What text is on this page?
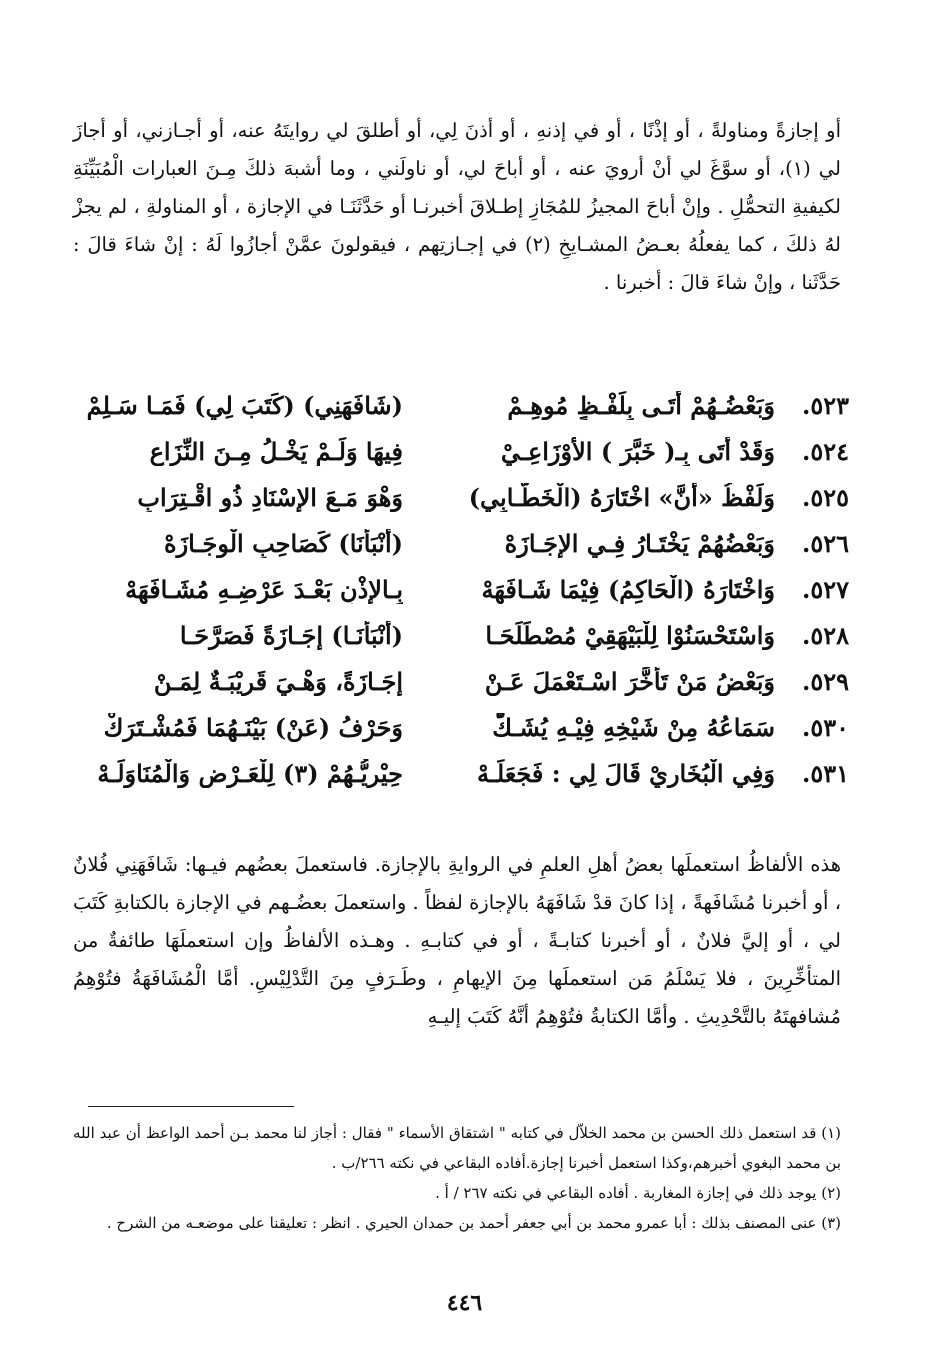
أو إجازةً ومناولةً ، أو إذْنًا ، أو في إذنهِ ، أو أذنَ لِي، أو أطلقَ لي روايتَهُ عنه، أو أجـازني، أو أجازَ لي (١)، أو سوَّغَ لي أنْ أرويَ عنه ، أو أباحَ لي، أو ناولَني ، وما أشبهَ ذلكَ مِـنَ العبارات الْمُبَيِّنَةِ لكيفيةِ التحمُّلِ . وإنْ أباحَ المجيزُ للمُجَازِ إطـلاقَ أخبرنـا أو حَدَّثَنَـا في الإجازة ، أو المناولةِ ، لم يجزْ لهُ ذلكَ ، كما يفعلُهُ بعـضُ المشـايخِ (٢) في إجـازتِهم ، فيقولونَ عمَّنْ أجازُوا لَهُ : إنْ شاءَ قالَ : حَدَّثَنا ، وإنْ شاءَ قالَ : أخبرنا .

٥٢٣.
وَبَعْضُـهُمْ أَتَـى بِلَفْـظٍ مُوهِـمْ
(شَافَهَنِي) (كَتَبَ لِي) فَمَـا سَـلِمْ
٥٢٤.
وَقَدْ أَتَى بِـ( خَبَّرَ ) الأَوْزَاعِـيْ
فِيهَا وَلَـمْ يَخْـلُ مِـنَ النِّزَاعِ
٥٢٥.
وَلَفْظُ «أَنَّ» اخْتَارَهُ (الْخَطَّـابِي)
وَهْوَ مَـعَ الإِسْنَادِ ذُو اقْـتِرَابِ
٥٢٦.
وَبَعْضُهُمْ يَخْتَـارُ فِـي الإِجَـازَهْ
(أَنْبَأَنَا) كَصَاحِبِ الْوِجَـازَهْ
٥٢٧.
وَاخْتَارَهُ (الْحَاكِمُ) فِيْمَا شَـافَهَهْ
بِـالإِذْنِ بَعْـدَ عَرْضِـهِ مُشَـافَهَهْ
٥٢٨.
وَاسْتَحْسَنُوْا لِلْبَيْهَقِيْ مُصْطَلَحَـا
(أَنْبَأَنَـا) إِجَـازَةً فَصَرَّحَـا
٥٢٩.
وَبَعْضُ مَنْ تَأَخَّرَ اسْـتَعْمَلَ عَـنْ
إِجَـازَةً، وَهْـيَ قَرِيْبَـةٌ لِمَـنْ
٥٣٠.
سَمَاعُهُ مِنْ شَيْخِهِ فِيْـهِ يُشَـكّْ
وَحَرْفُ (عَنْ) بَيْنَـهُمَا فَمُشْـتَرَكْ
٥٣١.
وَفِي الْبُخَارِيْ قَالَ لِي : فَجَعَلَـهْ
حِيْرِيُّـهُمْ (٣) لِلْعَـرْضِ وَالْمُنَاوَلَـهْ

هذه الألفاظُ استعملَها بعضُ أهلِ العلمِ في الروايةِ بالإجازة. فاستعملَ بعضُهم فيـها: شَافَهَنِي فُلانٌ ، أو أخبرنا مُشَافَهةً ، إذا كانَ قدْ شَافَهَهُ بالإجازة لفظاً . واستعملَ بعضُـهم في الإجازة بالكتابةِ كَتَبَ لي ، أو إليَّ فلانٌ ، أو أخبرنا كتابـةً ، أو في كتابـهِ . وهـذه الألفاظُ وإن استعملَهَا طائفةٌ من المتأخِّرِينَ ، فلا يَسْلَمُ مَن استعملَها مِنَ الإيهامِ ، وطَـرَفٍ مِنَ التَّدْلِيْسِ. أمَّا الْمُشَافَهَةُ فتُوْهِمُ مُشافهتَهُ بالتَّحْدِيثِ . وأمَّا الكتابةُ فتُوْهِمُ أنَّهُ كَتَبَ إليـهِ

(١) قد استعمل ذلك الحسن بن محمد الخلاّل في كتابه " اشتقاق الأسماء " فقال : أجاز لنا محمد بـن أحمد الواعظ أن عبد الله بن محمد البغوي أخبرهم،وكذا استعمل أخبرنا إجازة.أفاده البقاعي في نكته ٢٦٦/ب .
(٢) يوجد ذلك في إجازة المغاربة . أفاده البقاعي في نكته ٢٦٧ / أ .
(٣) عنى المصنف بذلك : أبا عمرو محمد بن أبي جعفر أحمد بن حمدان الحيري . انظر : تعليقنا على موضعـه من الشرح .
٤٤٦
